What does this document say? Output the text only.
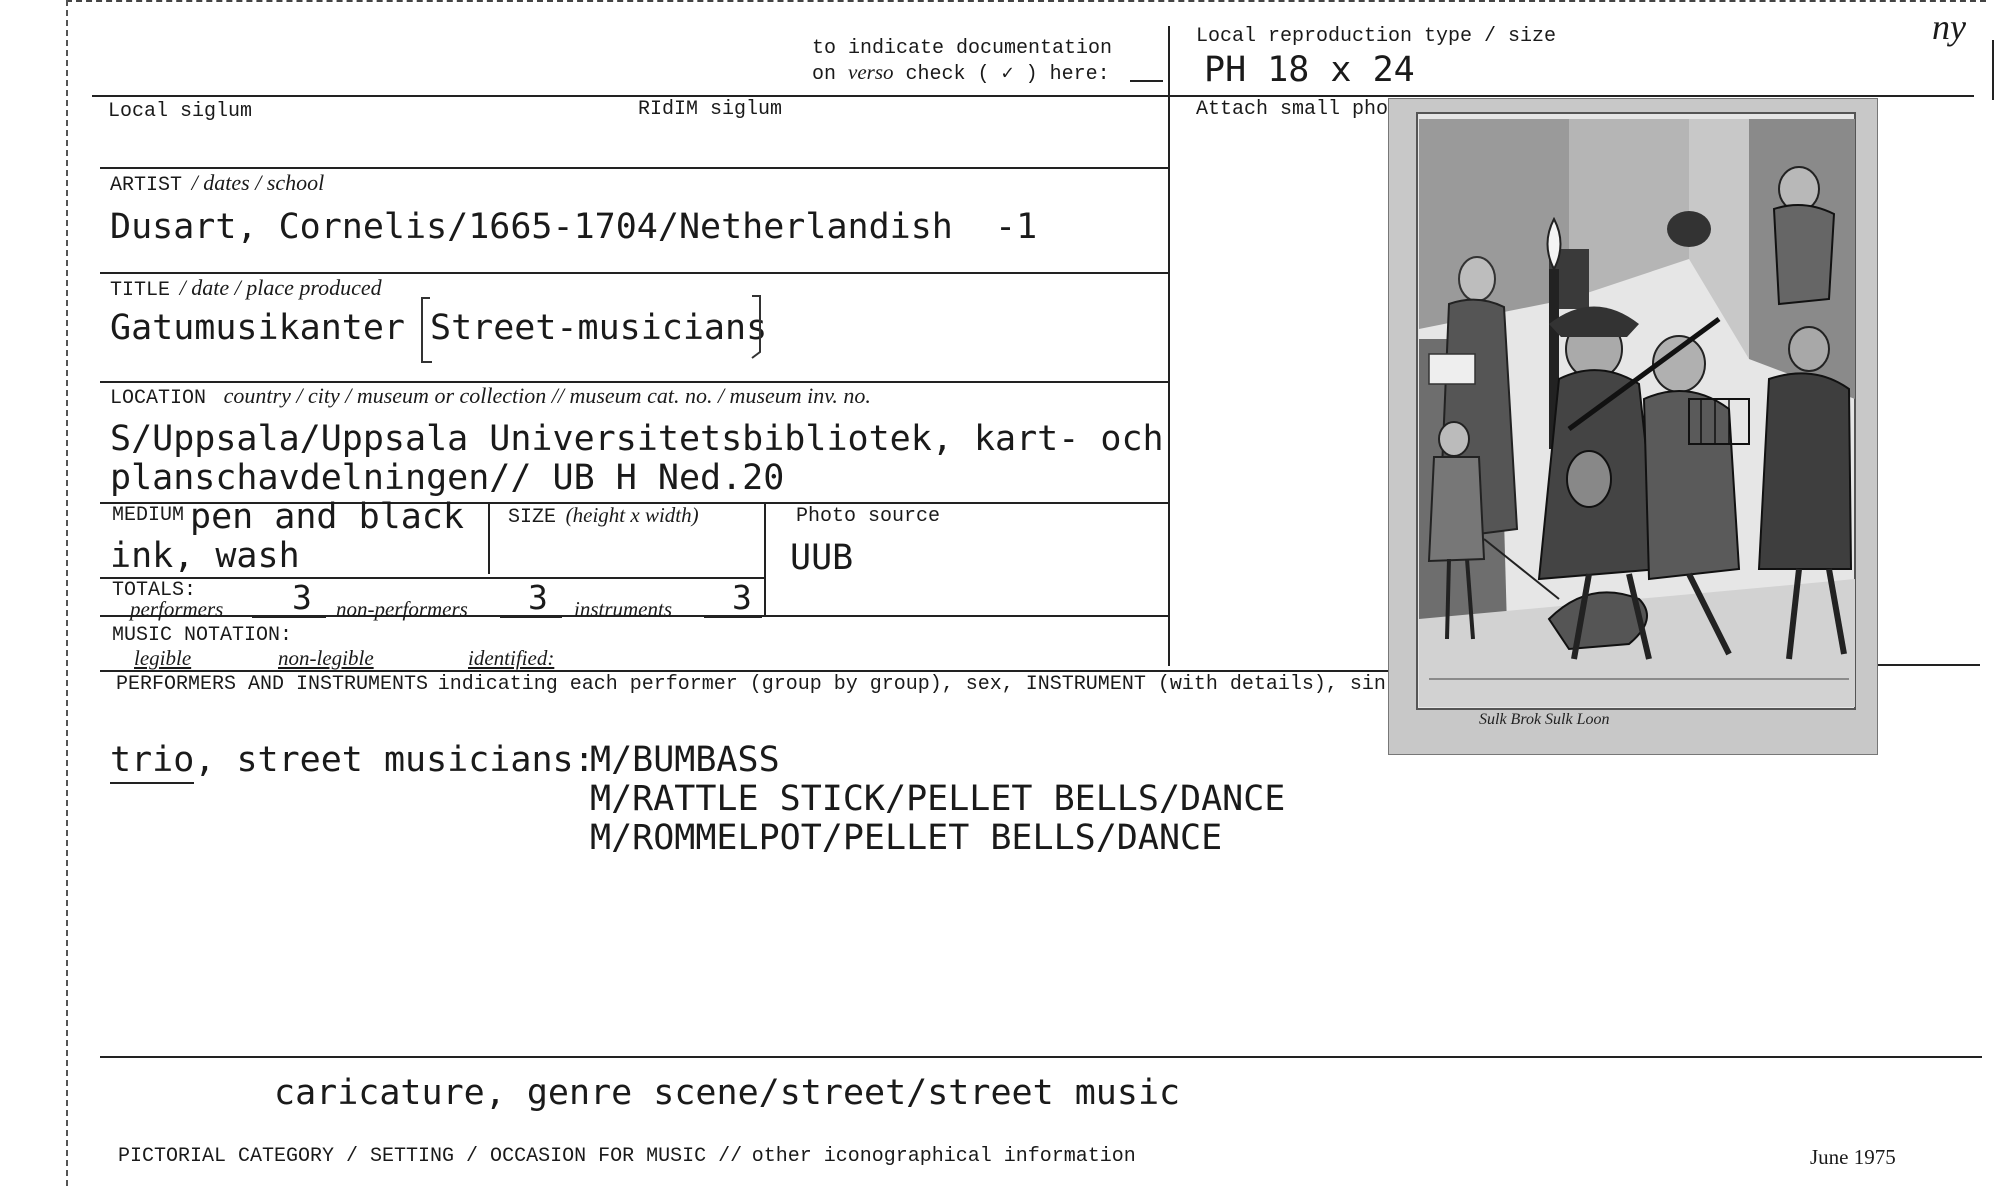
to indicate documentation
on verso check ( ✓ ) here:
Local reproduction type / size
PH 18 x 24
ny
Local siglum	RIdIM siglum	Attach small pho
ARTIST / dates / school
Dusart, Cornelis/1665-1704/Netherlandish  -1
TITLE / date / place produced
Gatumusikanter Street-musicians
LOCATION country / city / museum or collection // museum cat. no. / museum inv. no.
S/Uppsala/Uppsala Universitetsbibliotek, kart- och
planschavdelningen// UB H Ned.20
MEDIUM pen and black
ink, wash
SIZE (height x width)	Photo source
UUB
TOTALS:
performers 3 non-performers 3 instruments 3
MUSIC NOTATION:
legible	non-legible	identified:
PERFORMERS AND INSTRUMENTS indicating each performer (group by group), sex, INSTRUMENT (with details), sin
trio, street musicians:
M/BUMBASS
M/RATTLE STICK/PELLET BELLS/DANCE
M/ROMMELPOT/PELLET BELLS/DANCE
caricature, genre scene/street/street music
PICTORIAL CATEGORY / SETTING / OCCASION FOR MUSIC // other iconographical information	June 1975
Sulk Brok Sulk Loon
